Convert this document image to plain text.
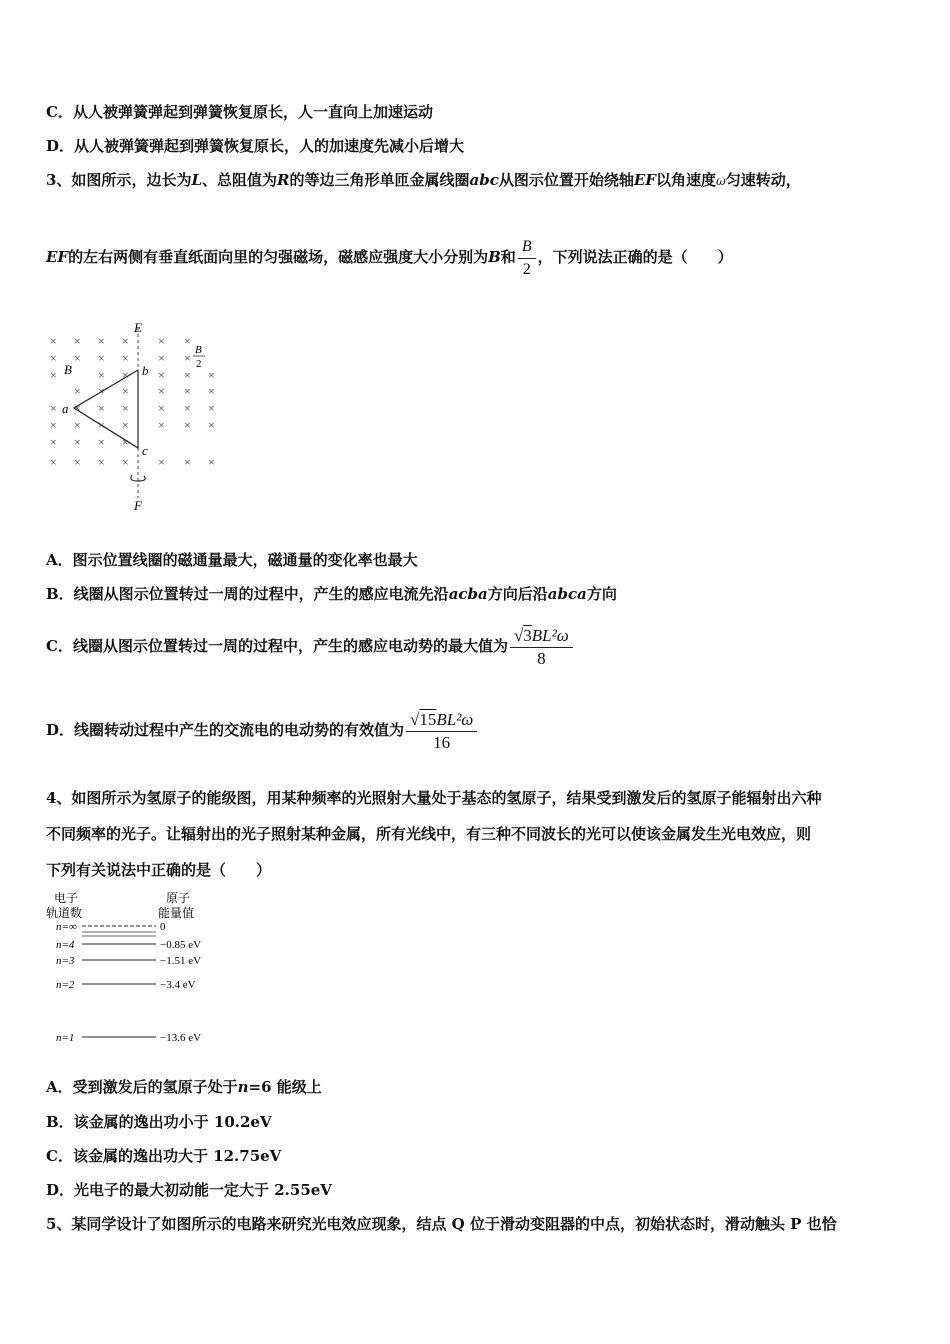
C．从人被弹簧弹起到弹簧恢复原长，人一直向上加速运动
D．从人被弹簧弹起到弹簧恢复原长，人的加速度先减小后增大
3、如图所示，边长为L、总阻值为R的等边三角形单匝金属线圈abc从图示位置开始绕轴EF以角速度ω匀速转动，
EF的左右两侧有垂直纸面向里的匀强磁场，磁感应强度大小分别为B和 $\frac{B}{2}$ ，下列说法正确的是（　　）
× × × × × ×
× × × × × ×
×	× × × × ×
× × × × × ×
× × × × × × ×
× × × × × × ×
× × × ×
× × × × × × ×
E
F
a
b
c
B
B
2
A．图示位置线圈的磁通量最大，磁通量的变化率也最大
B．线圈从图示位置转过一周的过程中，产生的感应电流先沿acba方向后沿abca方向
C．线圈从图示位置转过一周的过程中，产生的感应电动势的最大值为 $\frac{\text{√3BL²ω}}{8}$
D．线圈转动过程中产生的交流电的电动势的有效值为 $\frac{\text{√15BL²ω}}{16}$
4、如图所示为氢原子的能级图，用某种频率的光照射大量处于基态的氢原子，结果受到激发后的氢原子能辐射出六种
不同频率的光子。让辐射出的光子照射某种金属，所有光线中，有三种不同波长的光可以使该金属发生光电效应，则
下列有关说法中正确的是（　　）
电子
轨道数
原子
能量值
n=∞	0
n=4	−0.85 eV
n=3	−1.51 eV
n=2	−3.4 eV
n=1	−13.6 eV
A．受到激发后的氢原子处于n=6 能级上
B．该金属的逸出功小于 10.2eV
C．该金属的逸出功大于 12.75eV
D．光电子的最大初动能一定大于 2.55eV
5、某同学设计了如图所示的电路来研究光电效应现象，结点 Q 位于滑动变阻器的中点，初始状态时，滑动触头 P 也恰
